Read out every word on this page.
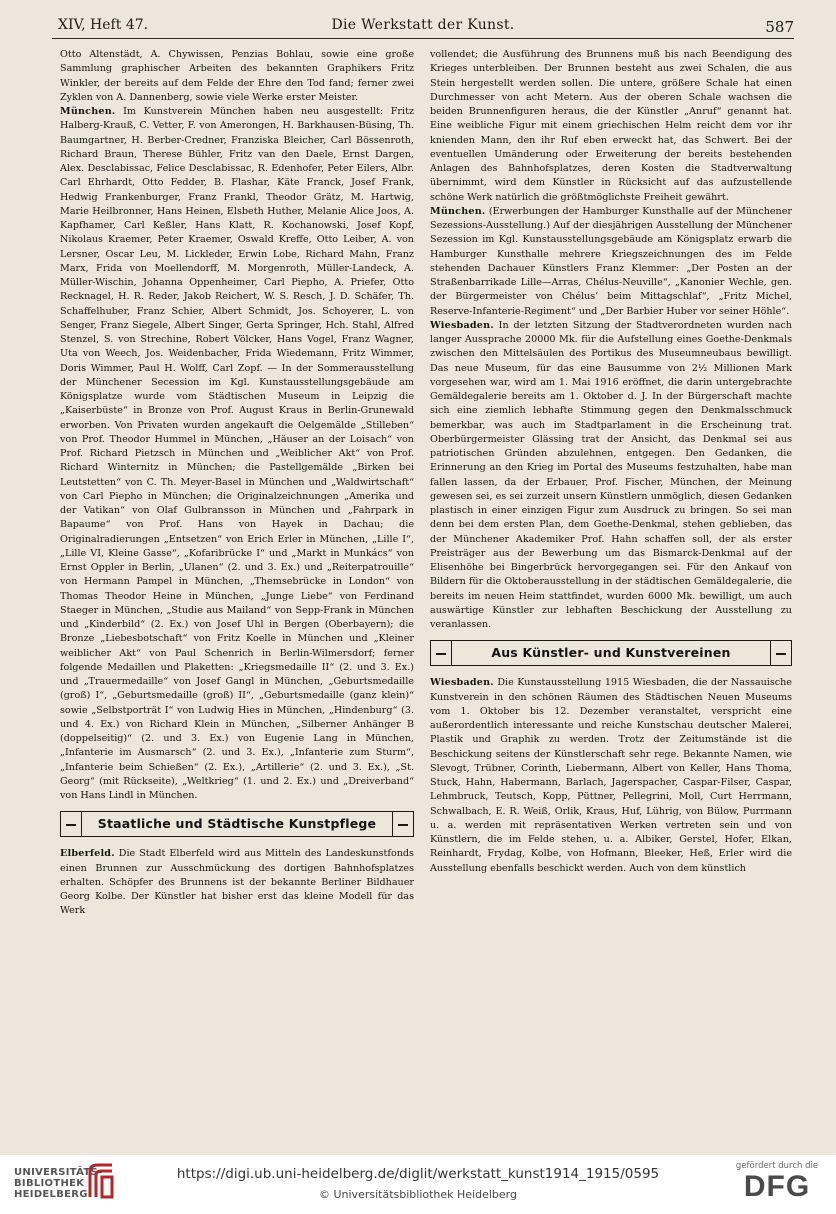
XIV, Heft 47.	Die Werkstatt der Kunst.	587

Otto Altenstädt, A. Chywissen, Penzias Bohlau, sowie eine große Sammlung graphischer Arbeiten des bekannten Graphikers Fritz Winkler, der bereits auf dem Felde der Ehre den Tod fand; ferner zwei Zyklen von A. Dannenberg, sowie viele Werke erster Meister.

München. Im Kunstverein München haben neu ausgestellt: Fritz Halberg-Krauß, C. Vetter, F. von Amerongen, H. Barkhausen-Büsing, Th. Baumgartner, H. Berber-Credner, Franziska Bleicher, Carl Bössenroth, Richard Braun, Therese Bühler, Fritz van den Daele, Ernst Dargen, Alex. Desclabissac, Felice Desclabissac, R. Edenhofer, Peter Eilers, Albr. Carl Ehrhardt, Otto Fedder, B. Flashar, Käte Franck, Josef Frank, Hedwig Frankenburger, Franz Frankl, Theodor Grätz, M. Hartwig, Marie Heilbronner, Hans Heinen, Elsbeth Huther, Melanie Alice Joos, A. Kapfhamer, Carl Keßler, Hans Klatt, R. Kochanowski, Josef Kopf, Nikolaus Kraemer, Peter Kraemer, Oswald Kreffe, Otto Leiber, A. von Lersner, Oscar Leu, M. Lickleder, Erwin Lobe, Richard Mahn, Franz Marx, Frida von Moellendorff, M. Morgenroth, Müller-Landeck, A. Müller-Wischin, Johanna Oppenheimer, Carl Piepho, A. Priefer, Otto Recknagel, H. R. Reder, Jakob Reichert, W. S. Resch, J. D. Schäfer, Th. Schaffelhuber, Franz Schier, Albert Schmidt, Jos. Schoyerer, L. von Senger, Franz Siegele, Albert Singer, Gerta Springer, Hch. Stahl, Alfred Stenzel, S. von Strechine, Robert Völcker, Hans Vogel, Franz Wagner, Uta von Weech, Jos. Weidenbacher, Frida Wiedemann, Fritz Wimmer, Doris Wimmer, Paul H. Wolff, Carl Zopf. — In der Sommerausstellung der Münchener Secession im Kgl. Kunstausstellungsgebäude am Königsplatze wurde vom Städtischen Museum in Leipzig die „Kaiserbüste“ in Bronze von Prof. August Kraus in Berlin-Grunewald erworben. Von Privaten wurden angekauft die Oelgemälde „Stilleben“ von Prof. Theodor Hummel in München, „Häuser an der Loisach“ von Prof. Richard Pietzsch in München und „Weiblicher Akt“ von Prof. Richard Winternitz in München; die Pastellgemälde „Birken bei Leutstetten“ von C. Th. Meyer-Basel in München und „Waldwirtschaft“ von Carl Piepho in München; die Originalzeichnungen „Amerika und der Vatikan“ von Olaf Gulbransson in München und „Fahrpark in Bapaume“ von Prof. Hans von Hayek in Dachau; die Originalradierungen „Entsetzen“ von Erich Erler in München, „Lille I“, „Lille VI, Kleine Gasse“, „Kofaribrücke I“ und „Markt in Munkács“ von Ernst Oppler in Berlin, „Ulanen“ (2. und 3. Ex.) und „Reiterpatrouille“ von Hermann Pampel in München, „Themsebrücke in London“ von Thomas Theodor Heine in München, „Junge Liebe“ von Ferdinand Staeger in München, „Studie aus Mailand“ von Sepp-Frank in München und „Kinderbild“ (2. Ex.) von Josef Uhl in Bergen (Oberbayern); die Bronze „Liebesbotschaft“ von Fritz Koelle in München und „Kleiner weiblicher Akt“ von Paul Schenrich in Berlin-Wilmersdorf; ferner folgende Medaillen und Plaketten: „Kriegsmedaille II“ (2. und 3. Ex.) und „Trauermedaille“ von Josef Gangl in München, „Geburtsmedaille (groß) I“, „Geburtsmedaille (groß) II“, „Geburtsmedaille (ganz klein)“ sowie „Selbstporträt I“ von Ludwig Hies in München, „Hindenburg“ (3. und 4. Ex.) von Richard Klein in München, „Silberner Anhänger B (doppelseitig)“ (2. und 3. Ex.) von Eugenie Lang in München, „Infanterie im Ausmarsch“ (2. und 3. Ex.), „Infanterie zum Sturm“, „Infanterie beim Schießen“ (2. Ex.), „Artillerie“ (2. und 3. Ex.), „St. Georg“ (mit Rückseite), „Weltkrieg“ (1. und 2. Ex.) und „Dreiverband“ von Hans Lindl in München.

Staatliche und Städtische Kunstpflege

Elberfeld. Die Stadt Elberfeld wird aus Mitteln des Landeskunstfonds einen Brunnen zur Ausschmückung des dortigen Bahnhofsplatzes erhalten. Schöpfer des Brunnens ist der bekannte Berliner Bildhauer Georg Kolbe. Der Künstler hat bisher erst das kleine Modell für das Werk

vollendet; die Ausführung des Brunnens muß bis nach Beendigung des Krieges unterbleiben. Der Brunnen besteht aus zwei Schalen, die aus Stein hergestellt werden sollen. Die untere, größere Schale hat einen Durchmesser von acht Metern. Aus der oberen Schale wachsen die beiden Brunnenfiguren heraus, die der Künstler „Anruf“ genannt hat. Eine weibliche Figur mit einem griechischen Helm reicht dem vor ihr knienden Mann, den ihr Ruf eben erweckt hat, das Schwert. Bei der eventuellen Umänderung oder Erweiterung der bereits bestehenden Anlagen des Bahnhofsplatzes, deren Kosten die Stadtverwaltung übernimmt, wird dem Künstler in Rücksicht auf das aufzustellende schöne Werk natürlich die größtmöglichste Freiheit gewährt.

München. (Erwerbungen der Hamburger Kunsthalle auf der Münchener Sezessions-Ausstellung.) Auf der diesjährigen Ausstellung der Münchener Sezession im Kgl. Kunstausstellungsgebäude am Königsplatz erwarb die Hamburger Kunsthalle mehrere Kriegszeichnungen des im Felde stehenden Dachauer Künstlers Franz Klemmer: „Der Posten an der Straßenbarrikade Lille—Arras, Chélus-Neuville“, „Kanonier Wechle, gen. der Bürgermeister von Chélus’ beim Mittagschlaf“, „Fritz Michel, Reserve-Infanterie-Regiment“ und „Der Barbier Huber vor seiner Höhle“.

Wiesbaden. In der letzten Sitzung der Stadtverordneten wurden nach langer Aussprache 20000 Mk. für die Aufstellung eines Goethe-Denkmals zwischen den Mittelsäulen des Portikus des Museumneubaus bewilligt. Das neue Museum, für das eine Bausumme von 2½ Millionen Mark vorgesehen war, wird am 1. Mai 1916 eröffnet, die darin untergebrachte Gemäldegalerie bereits am 1. Oktober d. J. In der Bürgerschaft machte sich eine ziemlich lebhafte Stimmung gegen den Denkmalsschmuck bemerkbar, was auch im Stadtparlament in die Erscheinung trat. Oberbürgermeister Glässing trat der Ansicht, das Denkmal sei aus patriotischen Gründen abzulehnen, entgegen. Den Gedanken, die Erinnerung an den Krieg im Portal des Museums festzuhalten, habe man fallen lassen, da der Erbauer, Prof. Fischer, München, der Meinung gewesen sei, es sei zurzeit unsern Künstlern unmöglich, diesen Gedanken plastisch in einer einzigen Figur zum Ausdruck zu bringen. So sei man denn bei dem ersten Plan, dem Goethe-Denkmal, stehen geblieben, das der Münchener Akademiker Prof. Hahn schaffen soll, der als erster Preisträger aus der Bewerbung um das Bismarck-Denkmal auf der Elisenhöhe bei Bingerbrück hervorgegangen sei. Für den Ankauf von Bildern für die Oktoberausstellung in der städtischen Gemäldegalerie, die bereits im neuen Heim stattfindet, wurden 6000 Mk. bewilligt, um auch auswärtige Künstler zur lebhaften Beschickung der Ausstellung zu veranlassen.

Aus Künstler- und Kunstvereinen

Wiesbaden. Die Kunstausstellung 1915 Wiesbaden, die der Nassauische Kunstverein in den schönen Räumen des Städtischen Neuen Museums vom 1. Oktober bis 12. Dezember veranstaltet, verspricht eine außerordentlich interessante und reiche Kunstschau deutscher Malerei, Plastik und Graphik zu werden. Trotz der Zeitumstände ist die Beschickung seitens der Künstlerschaft sehr rege. Bekannte Namen, wie Slevogt, Trübner, Corinth, Liebermann, Albert von Keller, Hans Thoma, Stuck, Hahn, Habermann, Barlach, Jagerspacher, Caspar-Filser, Caspar, Lehmbruck, Teutsch, Kopp, Püttner, Pellegrini, Moll, Curt Herrmann, Schwalbach, E. R. Weiß, Orlik, Kraus, Huf, Lührig, von Bülow, Purrmann u. a. werden mit repräsentativen Werken vertreten sein und von Künstlern, die im Felde stehen, u. a. Albiker, Gerstel, Hofer, Elkan, Reinhardt, Frydag, Kolbe, von Hofmann, Bleeker, Heß, Erler wird die Ausstellung ebenfalls beschickt werden. Auch von dem künstlich

UNIVERSITÄTS-
BIBLIOTHEK
HEIDELBERG
https://digi.ub.uni-heidelberg.de/diglit/werkstatt_kunst1914_1915/0595
© Universitätsbibliothek Heidelberg
gefördert durch die
DFG
